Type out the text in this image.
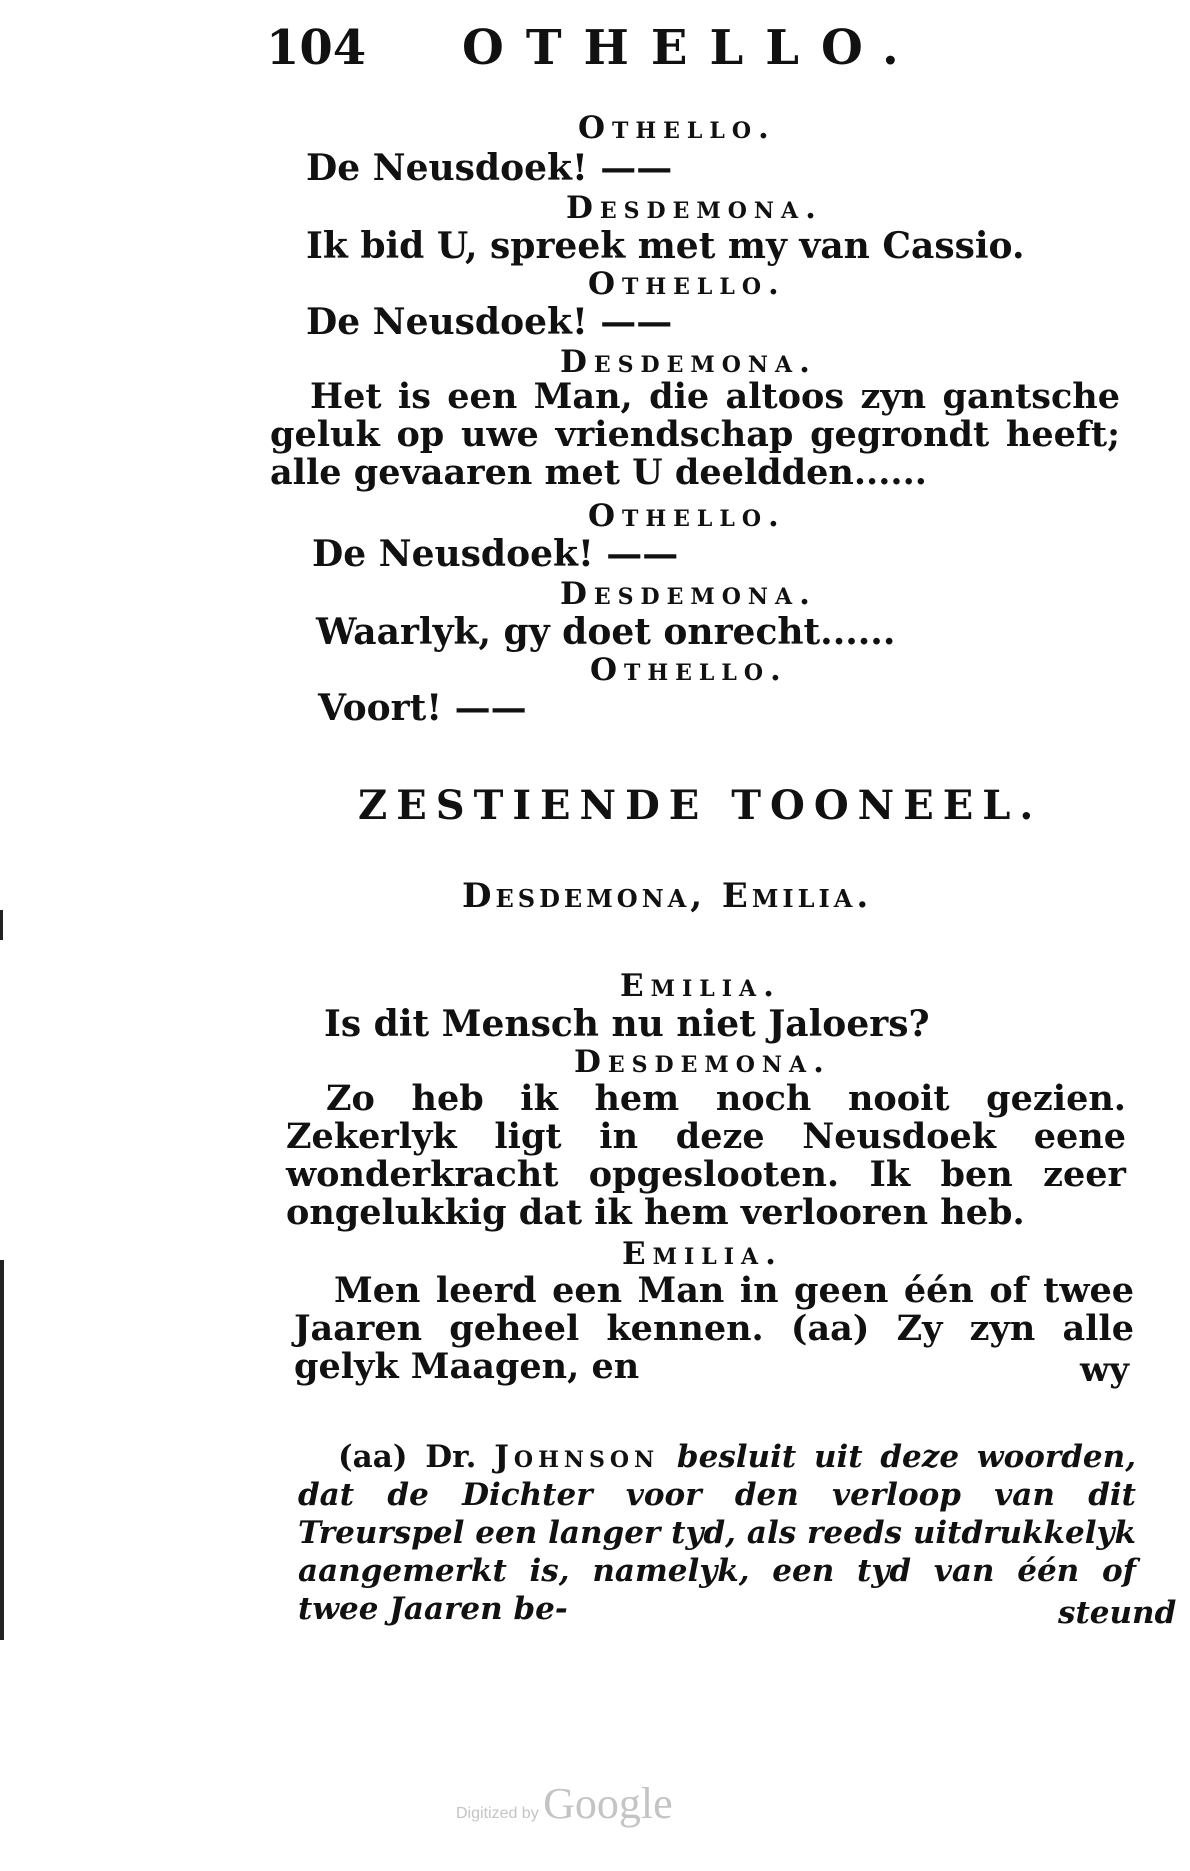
104 OTHELLO.
Othello.
De Neusdoek! ——
Desdemona.
Ik bid U, spreek met my van Cassio.
Othello.
De Neusdoek! ——
Desdemona.
Het is een Man, die altoos zyn gantsche geluk op uwe vriendschap gegrondt heeft; alle gevaaren met U deeldden......
Othello.
De Neusdoek! ——
Desdemona.
Waarlyk, gy doet onrecht......
Othello.
Voort! ——
ZESTIENDE TOONEEL.
Desdemona, Emilia.
Emilia.
Is dit Mensch nu niet Jaloers?
Desdemona.
Zo heb ik hem noch nooit gezien. Zekerlyk ligt in deze Neusdoek eene wonderkracht opgeslooten. Ik ben zeer ongelukkig dat ik hem verlooren heb.
Emilia.
Men leerd een Man in geen één of twee Jaaren geheel kennen. (aa) Zy zyn alle gelyk Maagen, en	wy
(aa) Dr. Johnson besluit uit deze woorden, dat de Dichter voor den verloop van dit Treurspel een langer tyd, als reeds uitdrukkelyk aangemerkt is, namelyk, een tyd van één of twee Jaaren be-	steund
Digitized by Google
